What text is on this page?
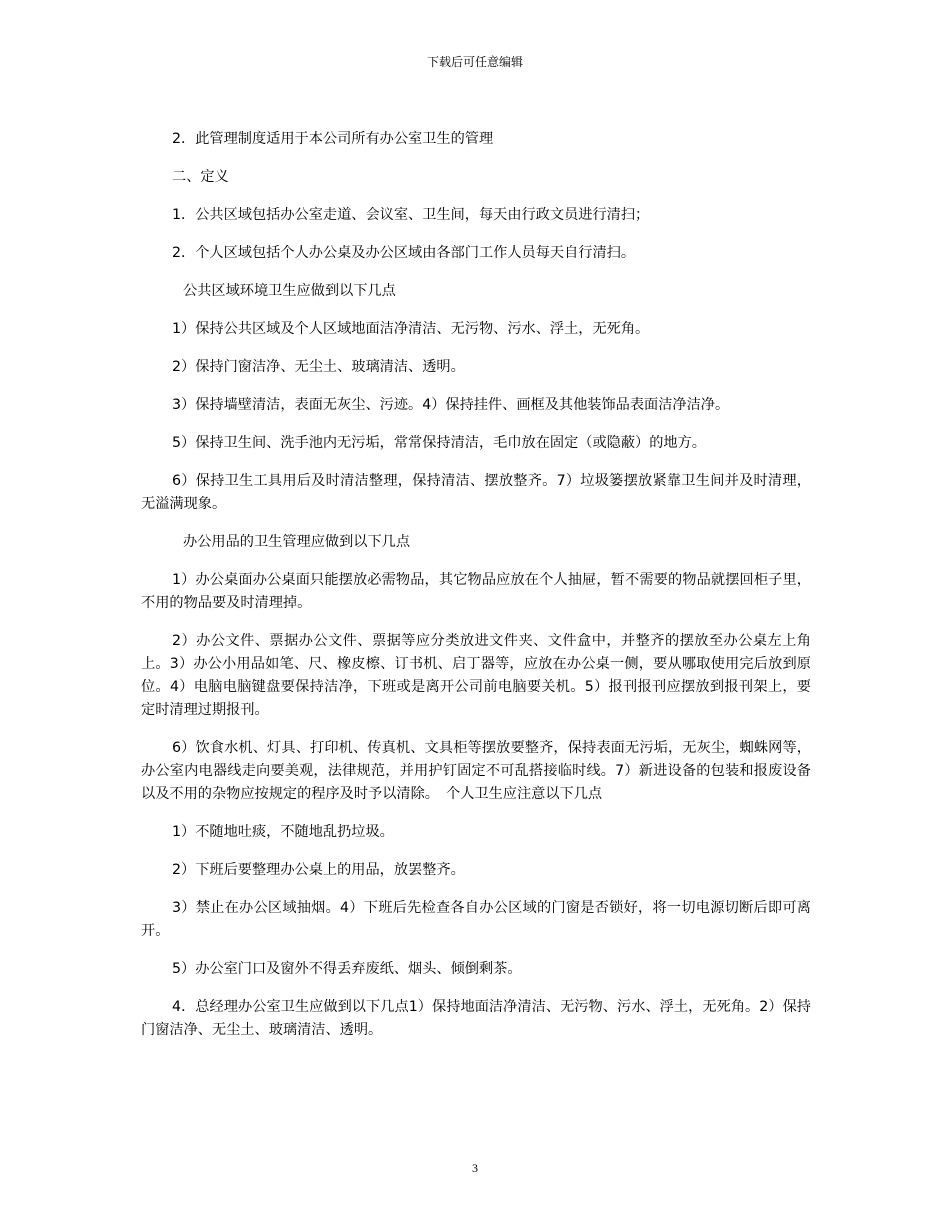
下载后可任意编辑

2．此管理制度适用于本公司所有办公室卫生的管理

二、定义

1．公共区域包括办公室走道、会议室、卫生间，每天由行政文员进行清扫；

2．个人区域包括个人办公桌及办公区域由各部门工作人员每天自行清扫。

公共区域环境卫生应做到以下几点

1）保持公共区域及个人区域地面洁净清洁、无污物、污水、浮土，无死角。

2）保持门窗洁净、无尘土、玻璃清洁、透明。

3）保持墙壁清洁，表面无灰尘、污迹。4）保持挂件、画框及其他装饰品表面洁净洁净。

5）保持卫生间、洗手池内无污垢，常常保持清洁，毛巾放在固定（或隐蔽）的地方。

6）保持卫生工具用后及时清洁整理，保持清洁、摆放整齐。7）垃圾篓摆放紧靠卫生间并及时清理，无溢满现象。

办公用品的卫生管理应做到以下几点

1）办公桌面办公桌面只能摆放必需物品，其它物品应放在个人抽屉，暂不需要的物品就摆回柜子里，不用的物品要及时清理掉。

2）办公文件、票据办公文件、票据等应分类放进文件夹、文件盒中，并整齐的摆放至办公桌左上角上。3）办公小用品如笔、尺、橡皮檫、订书机、启丁器等，应放在办公桌一侧，要从哪取使用完后放到原位。4）电脑电脑键盘要保持洁净，下班或是离开公司前电脑要关机。5）报刊报刊应摆放到报刊架上，要定时清理过期报刊。

6）饮食水机、灯具、打印机、传真机、文具柜等摆放要整齐，保持表面无污垢，无灰尘，蜘蛛网等，办公室内电器线走向要美观，法律规范，并用护钉固定不可乱搭接临时线。7）新进设备的包装和报废设备以及不用的杂物应按规定的程序及时予以清除。　个人卫生应注意以下几点

1）不随地吐痰，不随地乱扔垃圾。

2）下班后要整理办公桌上的用品，放罢整齐。

3）禁止在办公区域抽烟。4）下班后先检查各自办公区域的门窗是否锁好，将一切电源切断后即可离开。

5）办公室门口及窗外不得丢弃废纸、烟头、倾倒剩茶。

4．总经理办公室卫生应做到以下几点1）保持地面洁净清洁、无污物、污水、浮土，无死角。2）保持门窗洁净、无尘土、玻璃清洁、透明。

3
